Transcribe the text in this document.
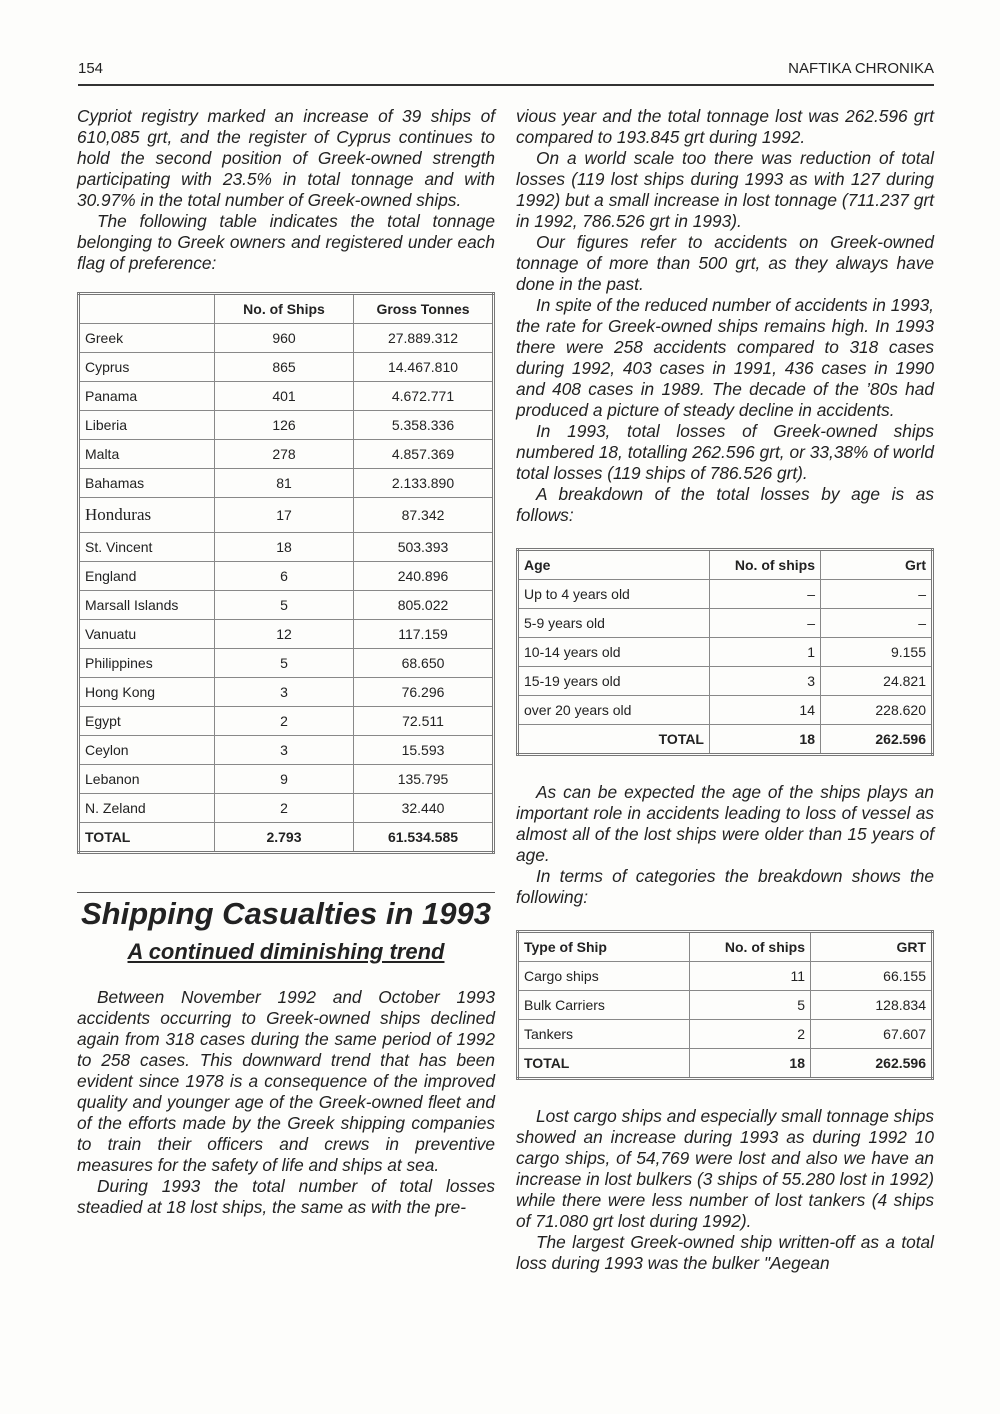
154	NAFTIKA CHRONIKA

Cypriot registry marked an increase of 39 ships of 610,085 grt, and the register of Cyprus continues to hold the second position of Greek-owned strength participating with 23.5% in total tonnage and with 30.97% in the total number of Greek-owned ships.

The following table indicates the total tonnage belonging to Greek owners and registered under each flag of preference:

	No. of Ships	Gross Tonnes
Greek	960	27.889.312
Cyprus	865	14.467.810
Panama	401	4.672.771
Liberia	126	5.358.336
Malta	278	4.857.369
Bahamas	81	2.133.890
Honduras	17	87.342
St. Vincent	18	503.393
England	6	240.896
Marsall Islands	5	805.022
Vanuatu	12	117.159
Philippines	5	68.650
Hong Kong	3	76.296
Egypt	2	72.511
Ceylon	3	15.593
Lebanon	9	135.795
N. Zeland	2	32.440
TOTAL	2.793	61.534.585
Shipping Casualties in 1993
A continued diminishing trend

Between November 1992 and October 1993 accidents occurring to Greek-owned ships declined again from 318 cases during the same period of 1992 to 258 cases. This downward trend that has been evident since 1978 is a consequence of the improved quality and younger age of the Greek-owned fleet and of the efforts made by the Greek shipping companies to train their officers and crews in preventive measures for the safety of life and ships at sea.

During 1993 the total number of total losses steadied at 18 lost ships, the same as with the pre-

vious year and the total tonnage lost was 262.596 grt compared to 193.845 grt during 1992.

On a world scale too there was reduction of total losses (119 lost ships during 1993 as with 127 during 1992) but a small increase in lost tonnage (711.237 grt in 1992, 786.526 grt in 1993).

Our figures refer to accidents on Greek-owned tonnage of more than 500 grt, as they always have done in the past.

In spite of the reduced number of accidents in 1993, the rate for Greek-owned ships remains high. In 1993 there were 258 accidents compared to 318 cases during 1992, 403 cases in 1991, 436 cases in 1990 and 408 cases in 1989. The decade of the ’80s had produced a picture of steady decline in accidents.

In 1993, total losses of Greek-owned ships numbered 18, totalling 262.596 grt, or 33,38% of world total losses (119 ships of 786.526 grt).

A breakdown of the total losses by age is as follows:

Age	No. of ships	Grt
Up to 4 years old	–	–
5-9 years old	–	–
10-14 years old	1	9.155
15-19 years old	3	24.821
over 20 years old	14	228.620
TOTAL	18	262.596

As can be expected the age of the ships plays an important role in accidents leading to loss of vessel as almost all of the lost ships were older than 15 years of age.

In terms of categories the breakdown shows the following:

Type of Ship	No. of ships	GRT
Cargo ships	11	66.155
Bulk Carriers	5	128.834
Tankers	2	67.607
TOTAL	18	262.596

Lost cargo ships and especially small tonnage ships showed an increase during 1993 as during 1992 10 cargo ships, of 54,769 were lost and also we have an increase in lost bulkers (3 ships of 55.280 lost in 1992) while there were less number of lost tankers (4 ships of 71.080 grt lost during 1992).

The largest Greek-owned ship written-off as a total loss during 1993 was the bulker "Aegean
